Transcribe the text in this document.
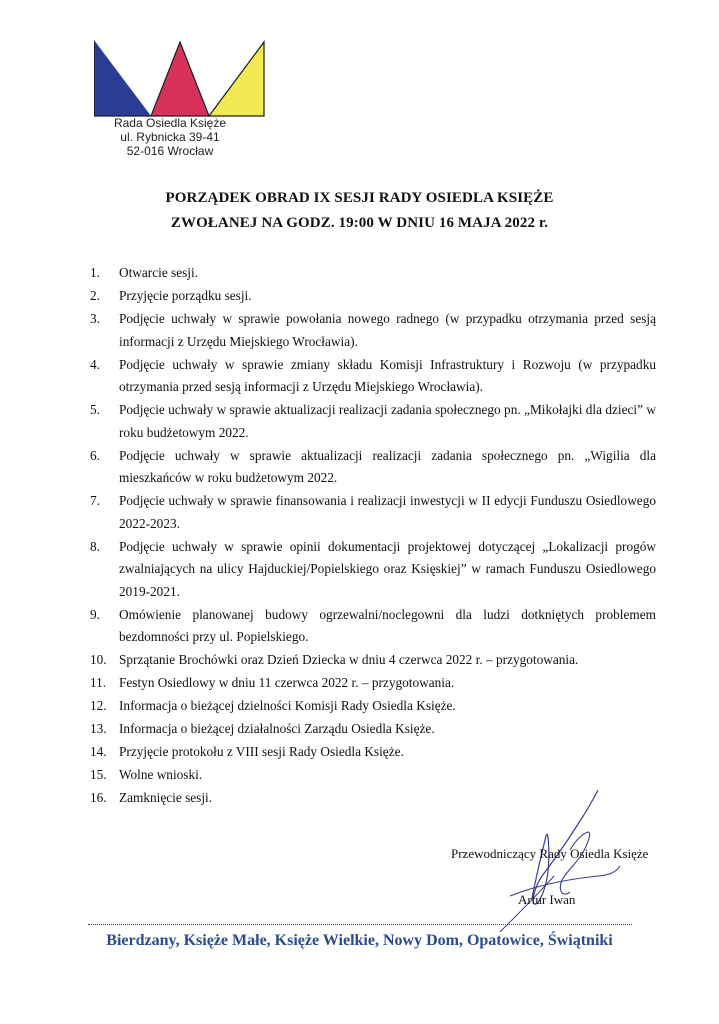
Rada Osiedla Księże
ul. Rybnicka 39-41
52-016 Wrocław
PORZĄDEK OBRAD IX SESJI RADY OSIEDLA KSIĘŻE
ZWOŁANEJ NA GODZ. 19:00 W DNIU 16 MAJA 2022 r.
1. Otwarcie sesji.
2. Przyjęcie porządku sesji.
3. Podjęcie uchwały w sprawie powołania nowego radnego (w przypadku otrzymania przed sesją informacji z Urzędu Miejskiego Wrocławia).
4. Podjęcie uchwały w sprawie zmiany składu Komisji Infrastruktury i Rozwoju (w przypadku otrzymania przed sesją informacji z Urzędu Miejskiego Wrocławia).
5. Podjęcie uchwały w sprawie aktualizacji realizacji zadania społecznego pn. „Mikołajki dla dzieci” w roku budżetowym 2022.
6. Podjęcie uchwały w sprawie aktualizacji realizacji zadania społecznego pn. „Wigilia dla mieszkańców w roku budżetowym 2022.
7. Podjęcie uchwały w sprawie finansowania i realizacji inwestycji w II edycji Funduszu Osiedlowego 2022-2023.
8. Podjęcie uchwały w sprawie opinii dokumentacji projektowej dotyczącej „Lokalizacji progów zwalniających na ulicy Hajduckiej/Popielskiego oraz Księskiej” w ramach Funduszu Osiedlowego 2019-2021.
9. Omówienie planowanej budowy ogrzewalni/noclegowni dla ludzi dotkniętych problemem bezdomności przy ul. Popielskiego.
10. Sprzątanie Brochówki oraz Dzień Dziecka w dniu 4 czerwca 2022 r. – przygotowania.
11. Festyn Osiedlowy w dniu 11 czerwca 2022 r. – przygotowania.
12. Informacja o bieżącej dzielności Komisji Rady Osiedla Księże.
13. Informacja o bieżącej działalności Zarządu Osiedla Księże.
14. Przyjęcie protokołu z VIII sesji Rady Osiedla Księże.
15. Wolne wnioski.
16. Zamknięcie sesji.
Przewodniczący Rady Osiedla Księże
Artur Iwan
Bierdzany, Księże Małe, Księże Wielkie, Nowy Dom, Opatowice, Świątniki
